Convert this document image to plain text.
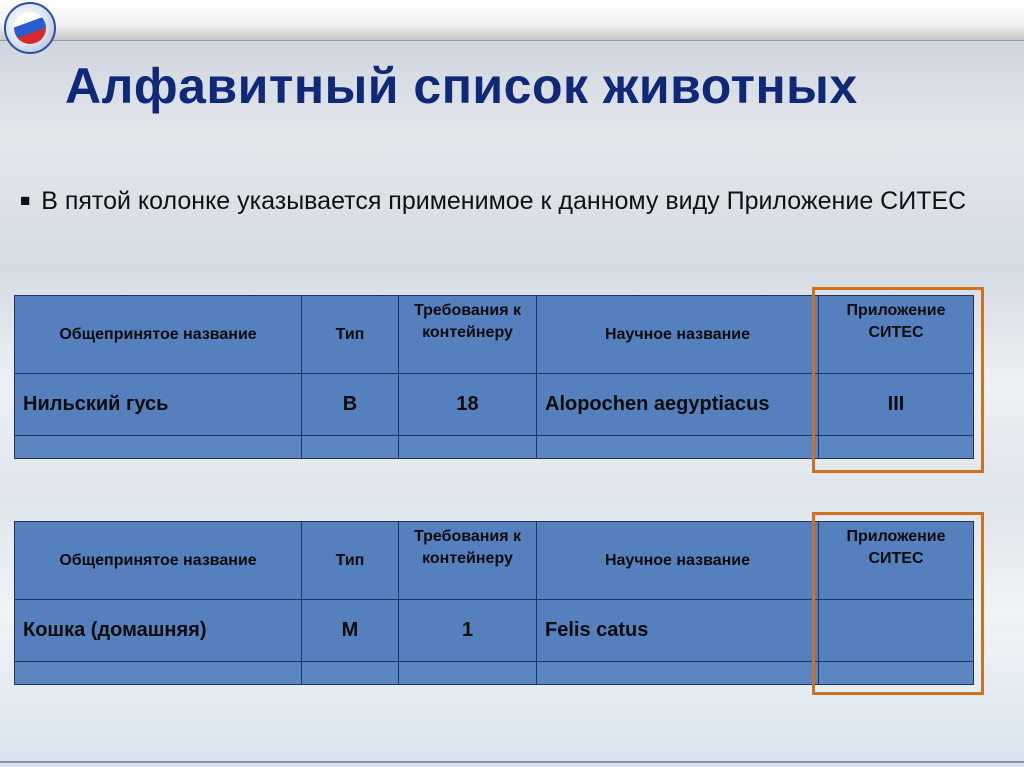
Алфавитный список животных
■ В пятой колонке указывается применимое к данному виду Приложение СИТЕС
Общепринятое название	Тип	Требования к контейнеру	Научное название	Приложение СИТЕС
Нильский гусь	В	18	Alopochen aegyptiacus	III

Общепринятое название	Тип	Требования к контейнеру	Научное название	Приложение СИТЕС
Кошка (домашняя)	М	1	Felis catus	
